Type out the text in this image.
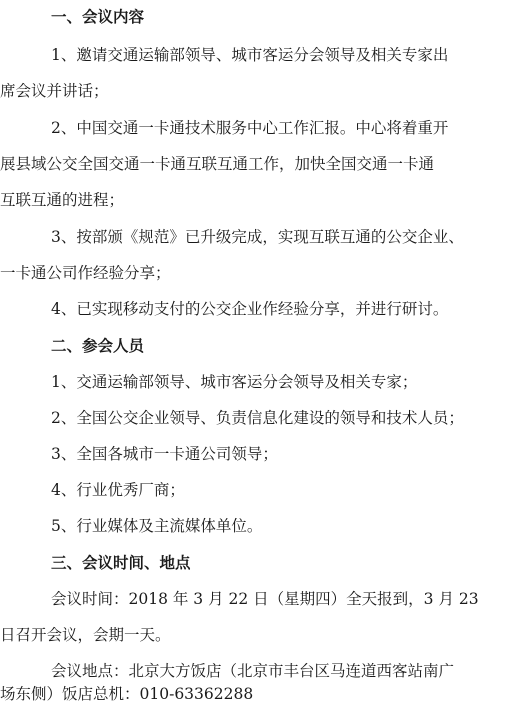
一、会议内容
1、邀请交通运输部领导、城市客运分会领导及相关专家出
席会议并讲话；
2、中国交通一卡通技术服务中心工作汇报。中心将着重开
展县域公交全国交通一卡通互联互通工作，加快全国交通一卡通
互联互通的进程；
3、按部颁《规范》已升级完成，实现互联互通的公交企业、
一卡通公司作经验分享；
4、已实现移动支付的公交企业作经验分享，并进行研讨。
二、参会人员
1、交通运输部领导、城市客运分会领导及相关专家；
2、全国公交企业领导、负责信息化建设的领导和技术人员；
3、全国各城市一卡通公司领导；
4、行业优秀厂商；
5、行业媒体及主流媒体单位。
三、会议时间、地点
会议时间：2018 年 3 月 22 日（星期四）全天报到，3 月 23
日召开会议，会期一天。
会议地点：北京大方饭店（北京市丰台区马连道西客站南广
场东侧）饭店总机：010-63362288
